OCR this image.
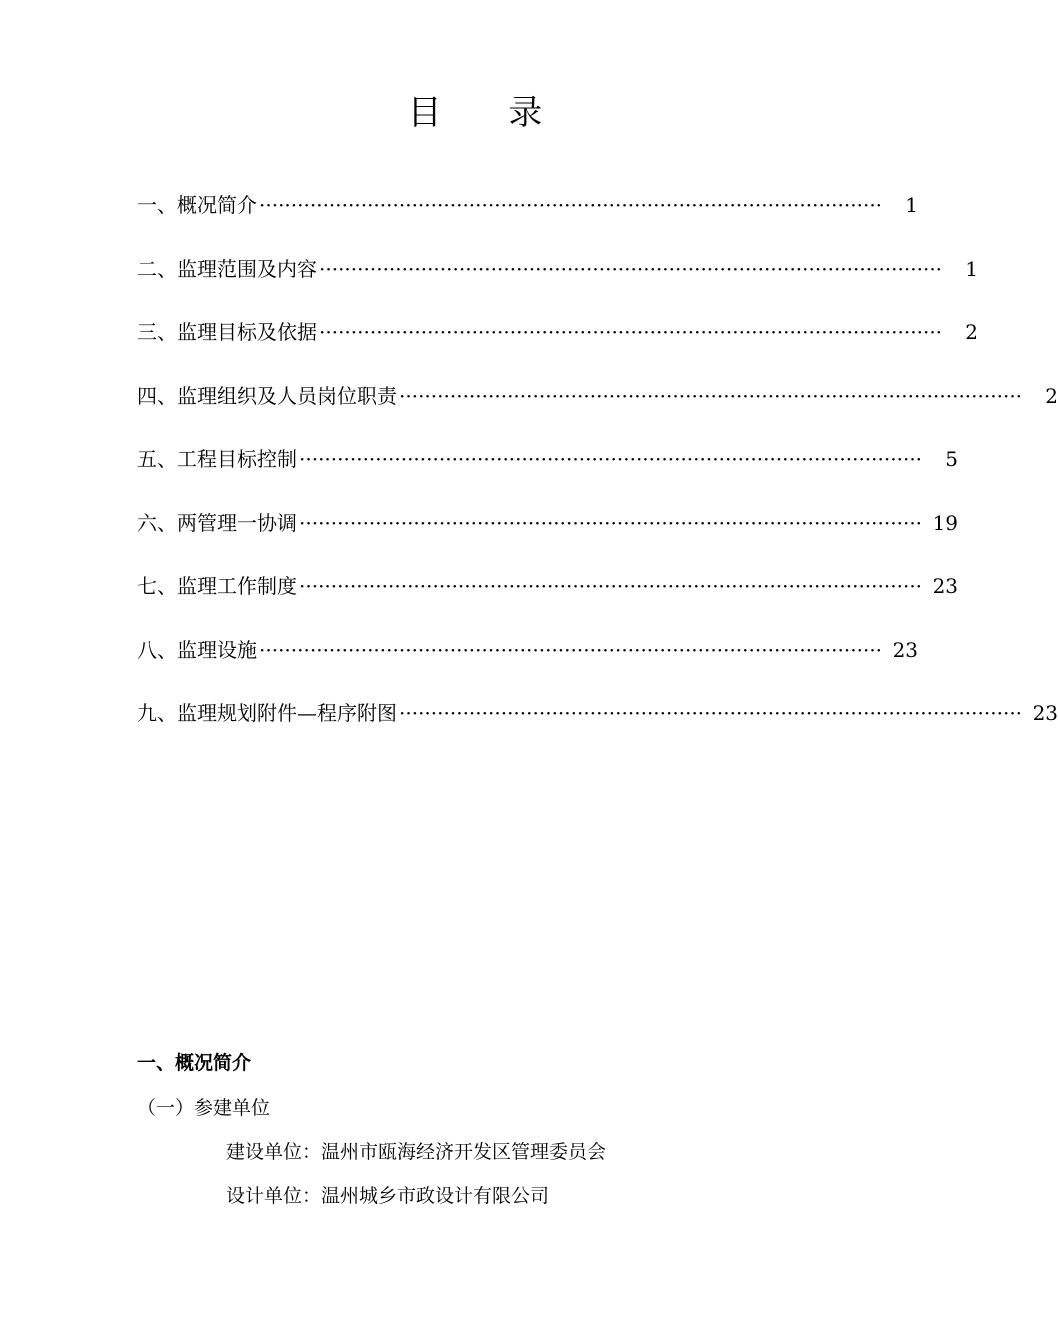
目 录
一、概况简介 ··································································································	1
二、监理范围及内容 ··································································································	1
三、监理目标及依据 ··································································································	2
四、监理组织及人员岗位职责 ··································································································	2
五、工程目标控制 ··································································································	5
六、两管理一协调 ·································································································· 19
七、监理工作制度 ·································································································· 23
八、监理设施 ·································································································· 23
九、监理规划附件—程序附图 ·································································································· 23
一、概况简介
（一）参建单位
建设单位：温州市瓯海经济开发区管理委员会
设计单位：温州城乡市政设计有限公司
